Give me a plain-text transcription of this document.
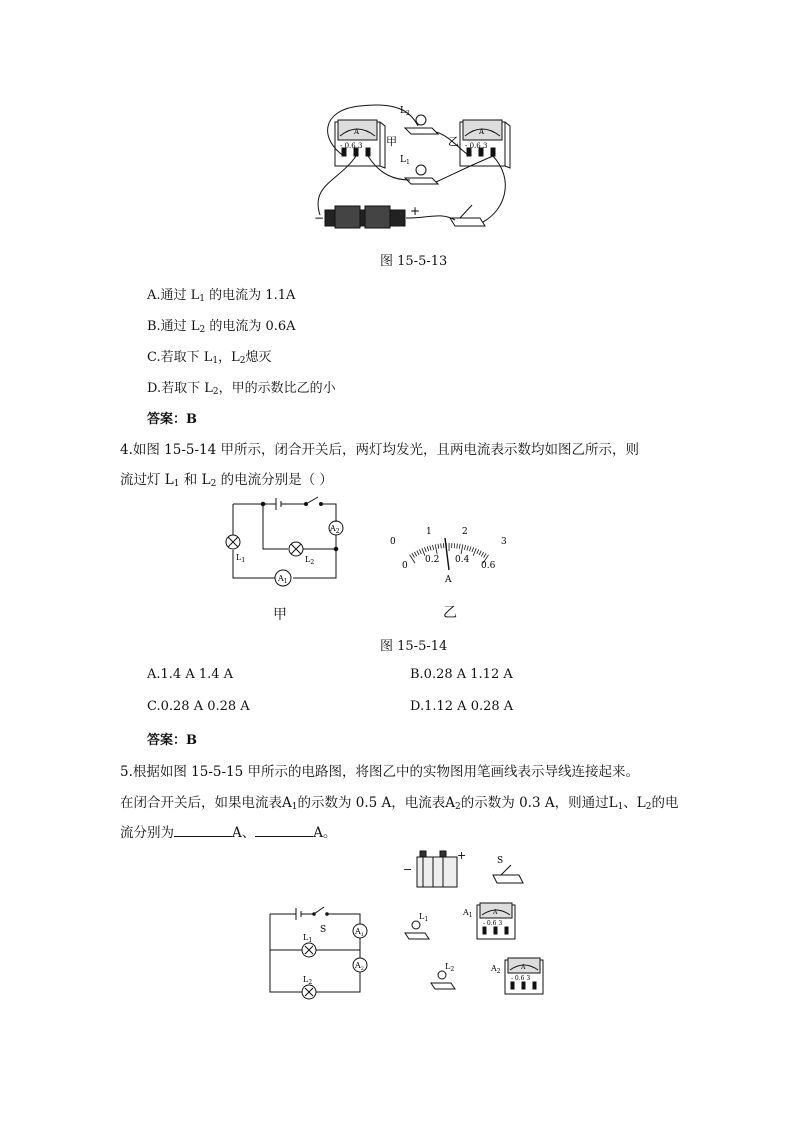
甲	乙
$L_2$
$L_1$
A	A
- 0.6 3	- 0.6 3
−	+
图 15-5-13
A.通过 $L_1$ 的电流为 1.1A
B.通过 $L_2$ 的电流为 0.6A
C.若取下 $L_1$，$L_2$熄灭
D.若取下 $L_2$，甲的示数比乙的小
答案：B
4.如图 15-5-14 甲所示，闭合开关后，两灯均发光，且两电流表示数均如图乙所示，则
流过灯 $L_1$ 和 $L_2$ 的电流分别是（ ）
$A_2$
$A_1$
$L_1$	$L_2$
甲
0
1	2
3
0
0.2 0.4
0.6
A
乙
图 15-5-14
A.1.4 A 1.4 A	B.0.28 A 1.12 A
C.0.28 A 0.28 A	D.1.12 A 0.28 A
答案：B
5.根据如图 15-5-15 甲所示的电路图，将图乙中的实物图用笔画线表示导线连接起来。
在闭合开关后，如果电流表$A_1$的示数为 0.5 A，电流表$A_2$的示数为 0.3 A，则通过$L_1$、$L_2$的电
流分别为	A、	A。
S
$L_1$
$L_2$
$A_1$
$A_2$
−
+	S
$L_1$
$A_1$
$L_2$	$A_2$
A
A
- 0.6 3
- 0.6 3
